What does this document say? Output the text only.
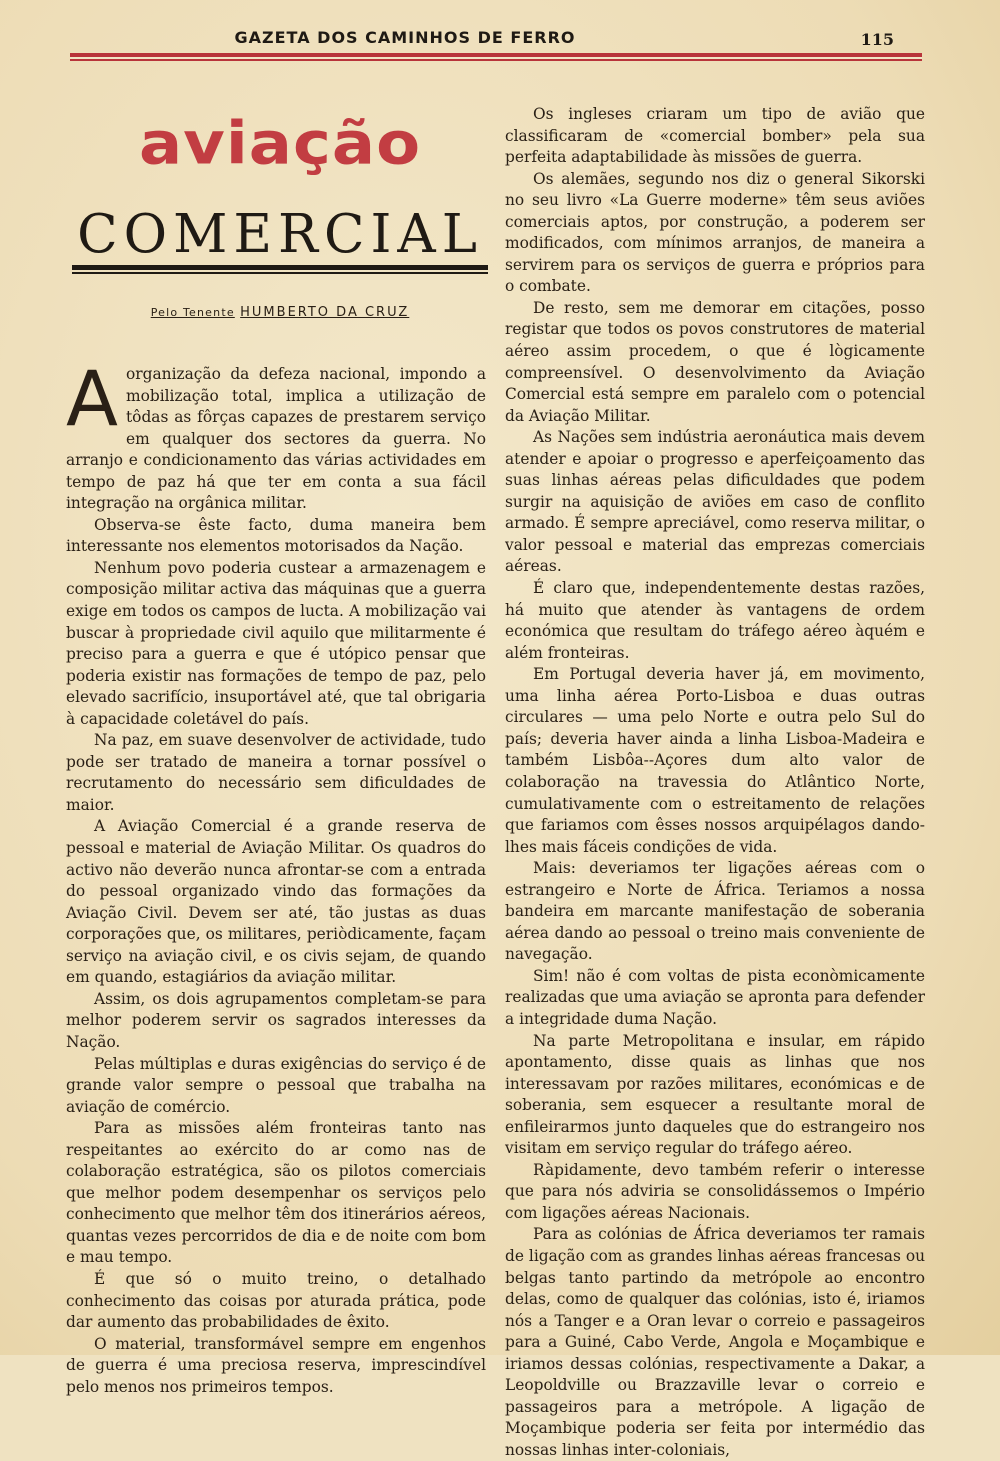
GAZETA DOS CAMINHOS DE FERRO	115
aviação
COMERCIAL
Pelo Tenente HUMBERTO DA CRUZ

Aorganização da defeza nacional, impondo a mobilização total, implica a utilização de tôdas as fôrças capazes de prestarem serviço em qualquer dos sectores da guerra. No arranjo e condicionamento das várias actividades em tempo de paz há que ter em conta a sua fácil integração na orgânica militar.

Observa-se êste facto, duma maneira bem interessante nos elementos motorisados da Nação.

Nenhum povo poderia custear a armazenagem e composição militar activa das máquinas que a guerra exige em todos os campos de lucta. A mobilização vai buscar à propriedade civil aquilo que militarmente é preciso para a guerra e que é utópico pensar que poderia existir nas formações de tempo de paz, pelo elevado sacrifício, insuportável até, que tal obrigaria à capacidade coletável do país.

Na paz, em suave desenvolver de actividade, tudo pode ser tratado de maneira a tornar possível o recrutamento do necessário sem dificuldades de maior.

A Aviação Comercial é a grande reserva de pessoal e material de Aviação Militar. Os quadros do activo não deverão nunca afrontar-se com a entrada do pessoal organizado vindo das formações da Aviação Civil. Devem ser até, tão justas as duas corporações que, os militares, periòdicamente, façam serviço na aviação civil, e os civis sejam, de quando em quando, estagiários da aviação militar.

Assim, os dois agrupamentos completam-se para melhor poderem servir os sagrados interesses da Nação.

Pelas múltiplas e duras exigências do serviço é de grande valor sempre o pessoal que trabalha na aviação de comércio.

Para as missões além fronteiras tanto nas respeitantes ao exército do ar como nas de colaboração estratégica, são os pilotos comerciais que melhor podem desempenhar os serviços pelo conhecimento que melhor têm dos itinerários aéreos, quantas vezes percorridos de dia e de noite com bom e mau tempo.

É que só o muito treino, o detalhado conhecimento das coisas por aturada prática, pode dar aumento das probabilidades de êxito.

O material, transformável sempre em engenhos de guerra é uma preciosa reserva, imprescindível pelo menos nos primeiros tempos.

Os ingleses criaram um tipo de avião que classificaram de «comercial bomber» pela sua perfeita adaptabilidade às missões de guerra.

Os alemães, segundo nos diz o general Sikorski no seu livro «La Guerre moderne» têm seus aviões comerciais aptos, por construção, a poderem ser modificados, com mínimos arranjos, de maneira a servirem para os serviços de guerra e próprios para o combate.

De resto, sem me demorar em citações, posso registar que todos os povos construtores de material aéreo assim procedem, o que é lògicamente compreensível. O desenvolvimento da Aviação Comercial está sempre em paralelo com o potencial da Aviação Militar.

As Nações sem indústria aeronáutica mais devem atender e apoiar o progresso e aperfeiçoamento das suas linhas aéreas pelas dificuldades que podem surgir na aquisição de aviões em caso de conflito armado. É sempre apreciável, como reserva militar, o valor pessoal e material das emprezas comerciais aéreas.

É claro que, independentemente destas razões, há muito que atender às vantagens de ordem económica que resultam do tráfego aéreo àquém e além fronteiras.

Em Portugal deveria haver já, em movimento, uma linha aérea Porto-Lisboa e duas outras circulares — uma pelo Norte e outra pelo Sul do país; deveria haver ainda a linha Lisboa-Madeira e também Lisbôa--Açores dum alto valor de colaboração na travessia do Atlântico Norte, cumulativamente com o estreitamento de relações que fariamos com êsses nossos arquipélagos dando-lhes mais fáceis condições de vida.

Mais: deveriamos ter ligações aéreas com o estrangeiro e Norte de África. Teriamos a nossa bandeira em marcante manifestação de soberania aérea dando ao pessoal o treino mais conveniente de navegação.

Sim! não é com voltas de pista econòmicamente realizadas que uma aviação se apronta para defender a integridade duma Nação.

Na parte Metropolitana e insular, em rápido apontamento, disse quais as linhas que nos interessavam por razões militares, económicas e de soberania, sem esquecer a resultante moral de enfileirarmos junto daqueles que do estrangeiro nos visitam em serviço regular do tráfego aéreo.

Ràpidamente, devo também referir o interesse que para nós adviria se consolidássemos o Império com ligações aéreas Nacionais.

Para as colónias de África deveriamos ter ramais de ligação com as grandes linhas aéreas francesas ou belgas tanto partindo da metrópole ao encontro delas, como de qualquer das colónias, isto é, iriamos nós a Tanger e a Oran levar o correio e passageiros para a Guiné, Cabo Verde, Angola e Moçambique e iriamos dessas colónias, respectivamente a Dakar, a Leopoldville ou Brazzaville levar o correio e passageiros para a metrópole. A ligação de Moçambique poderia ser feita por intermédio das nossas linhas inter-coloniais,
